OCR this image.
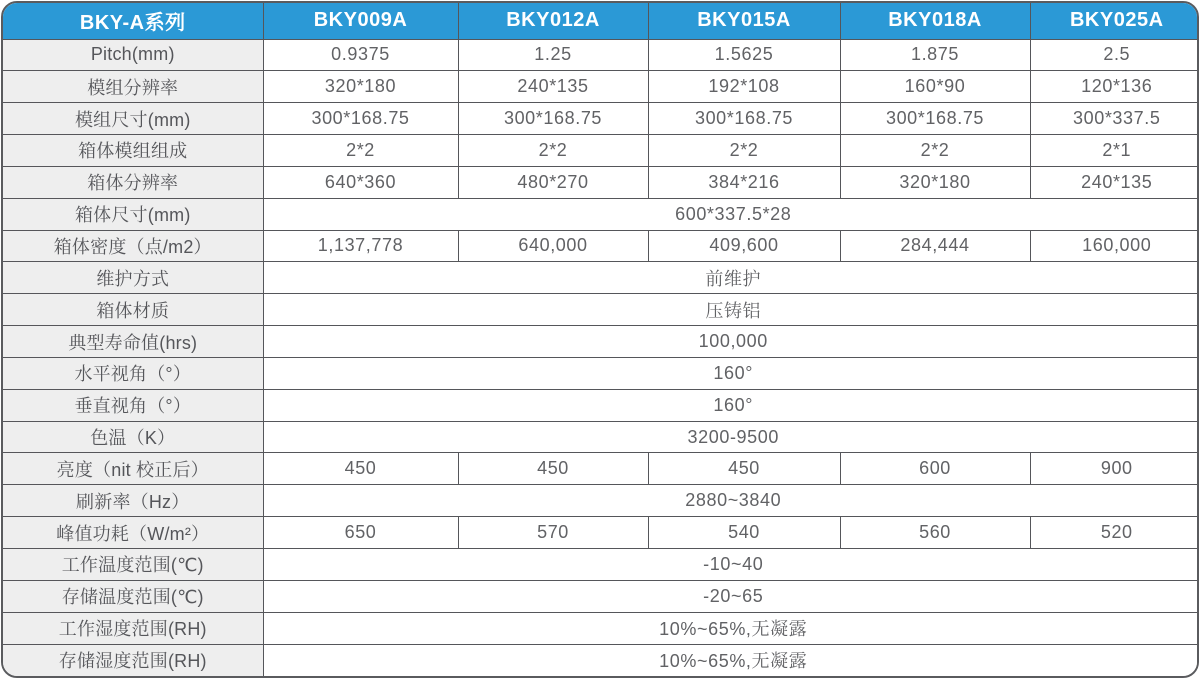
BKY-A系列	BKY009A	BKY012A	BKY015A	BKY018A	BKY025A
Pitch(mm)	0.9375	1.25	1.5625	1.875	2.5
模组分辨率	320*180	240*135	192*108	160*90	120*136
模组尺寸(mm)	300*168.75	300*168.75	300*168.75	300*168.75	300*337.5
箱体模组组成	2*2	2*2	2*2	2*2	2*1
箱体分辨率	640*360	480*270	384*216	320*180	240*135
箱体尺寸(mm)	600*337.5*28				
箱体密度（点/m2）	1,137,778	640,000	409,600	284,444	160,000
维护方式	前维护				
箱体材质	压铸铝				
典型寿命值(hrs)	100,000				
水平视角（°）	160°				
垂直视角（°）	160°				
色温（K）	3200-9500				
亮度（nit 校正后）	450	450	450	600	900
刷新率（Hz）	2880~3840				
峰值功耗（W/m²）	650	570	540	560	520
工作温度范围(℃)	-10~40				
存储温度范围(℃)	-20~65				
工作湿度范围(RH)	10%~65%,无凝露				
存储湿度范围(RH)	10%~65%,无凝露				
